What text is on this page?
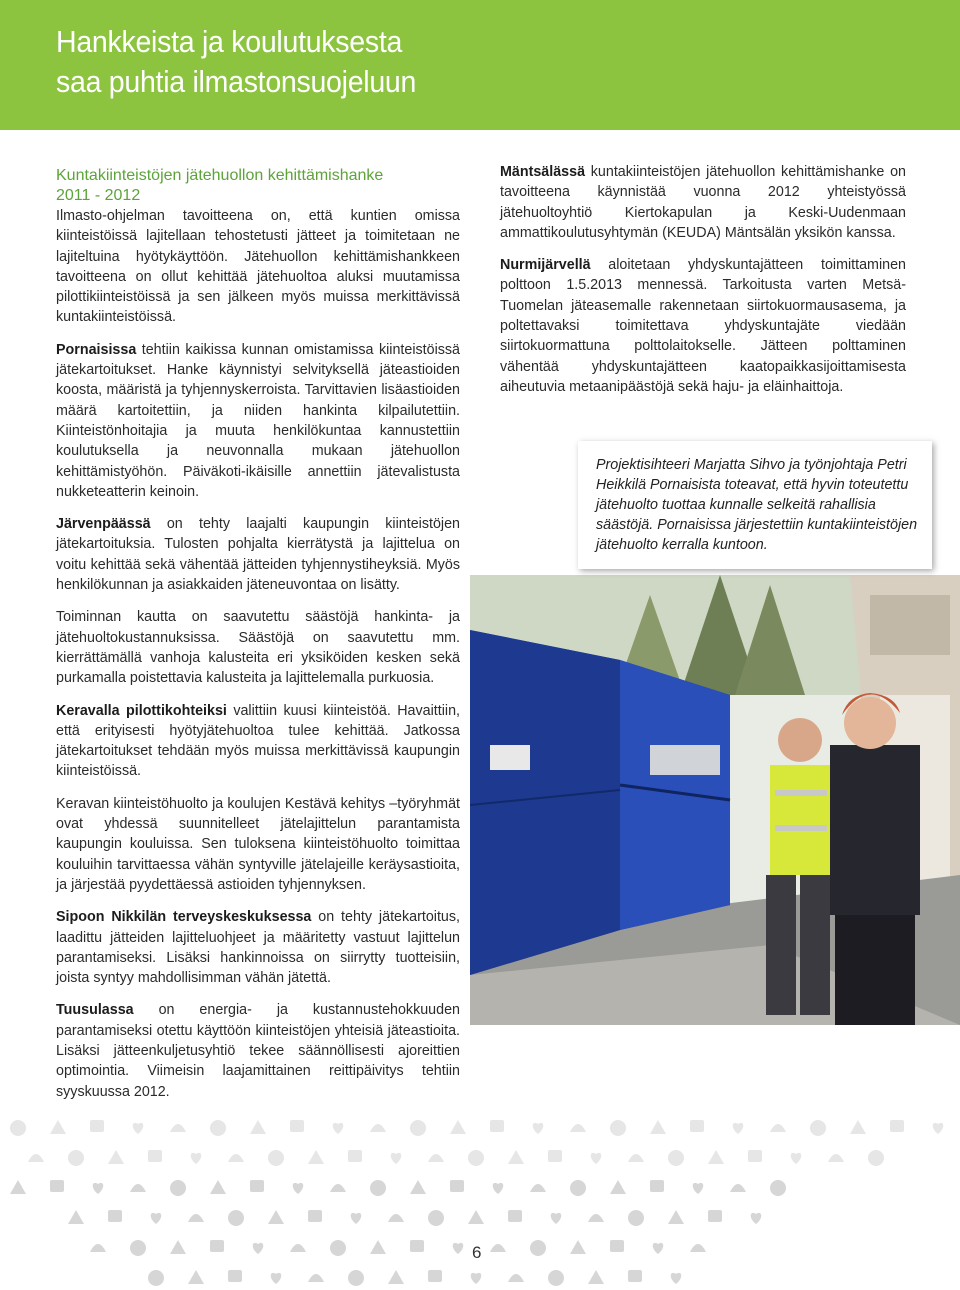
Hankkeista ja koulutuksesta
saa puhtia ilmastonsuojeluun
Kuntakiinteistöjen jätehuollon kehittämishanke
2011 - 2012

Ilmasto-ohjelman tavoitteena on, että kuntien omissa kiinteistöissä lajitellaan tehostetusti jätteet ja toimitetaan ne lajiteltuina hyötykäyttöön. Jätehuollon kehittämishankkeen tavoitteena on ollut kehittää jätehuoltoa aluksi muutamissa pilottikiinteistöissä ja sen jälkeen myös muissa merkittävissä kuntakiinteistöissä.

Pornaisissa tehtiin kaikissa kunnan omistamissa kiinteistöissä jätekartoitukset. Hanke käynnistyi selvityksellä jäteastioiden koosta, määristä ja tyhjennyskerroista. Tarvittavien lisäastioiden määrä kartoitettiin, ja niiden hankinta kilpailutettiin. Kiinteistönhoitajia ja muuta henkilökuntaa kannustettiin koulutuksella ja neuvonnalla mukaan jätehuollon kehittämistyöhön. Päiväkoti-ikäisille annettiin jätevalistusta nukketeatterin keinoin.

Järvenpäässä on tehty laajalti kaupungin kiinteistöjen jätekartoituksia. Tulosten pohjalta kierrätystä ja lajittelua on voitu kehittää sekä vähentää jätteiden tyhjennystiheyksiä. Myös henkilökunnan ja asiakkaiden jäteneuvontaa on lisätty.

Toiminnan kautta on saavutettu säästöjä hankinta- ja jätehuoltokustannuksissa. Säästöjä on saavutettu mm. kierrättämällä vanhoja kalusteita eri yksiköiden kesken sekä purkamalla poistettavia kalusteita ja lajittelemalla purkuosia.

Keravalla pilottikohteiksi valittiin kuusi kiinteistöä. Havaittiin, että erityisesti hyötyjätehuoltoa tulee kehittää. Jatkossa jätekartoitukset tehdään myös muissa merkittävissä kaupungin kiinteistöissä.

Keravan kiinteistöhuolto ja koulujen Kestävä kehitys –työryhmät ovat yhdessä suunnitelleet jätelajittelun parantamista kaupungin kouluissa. Sen tuloksena kiinteistöhuolto toimittaa kouluihin tarvittaessa vähän syntyville jätelajeille keräysastioita, ja järjestää pyydettäessä astioiden tyhjennyksen.

Sipoon Nikkilän terveyskeskuksessa on tehty jätekartoitus, laadittu jätteiden lajitteluohjeet ja määritetty vastuut lajittelun parantamiseksi. Lisäksi hankinnoissa on siirrytty tuotteisiin, joista syntyy mahdollisimman vähän jätettä.

Tuusulassa on energia- ja kustannustehokkuuden parantamiseksi otettu käyttöön kiinteistöjen yhteisiä jäteastioita. Lisäksi jätteenkuljetusyhtiö tekee säännöllisesti ajoreittien optimointia. Viimeisin laajamittainen reittipäivitys tehtiin syyskuussa 2012.

Mäntsälässä kuntakiinteistöjen jätehuollon kehittämishanke on tavoitteena käynnistää vuonna 2012 yhteistyössä jätehuoltoyhtiö Kiertokapulan ja Keski-Uudenmaan ammattikoulutusyhtymän (KEUDA) Mäntsälän yksikön kanssa.

Nurmijärvellä aloitetaan yhdyskuntajätteen toimittaminen polttoon 1.5.2013 mennessä. Tarkoitusta varten Metsä-Tuomelan jäteasemalle rakennetaan siirtokuormausasema, ja poltettavaksi toimitettava yhdyskuntajäte viedään siirtokuormattuna polttolaitokselle. Jätteen polttaminen vähentää yhdyskuntajätteen kaatopaikkasijoittamisesta aiheutuvia metaanipäästöjä sekä haju- ja eläinhaittoja.

Projektisihteeri Marjatta Sihvo ja työnjohtaja Petri Heikkilä Pornaisista toteavat, että hyvin toteutettu jätehuolto tuottaa kunnalle selkeitä rahallisia säästöjä. Pornaisissa järjestettiin kuntakiinteistöjen jätehuolto kerralla kuntoon.
6
